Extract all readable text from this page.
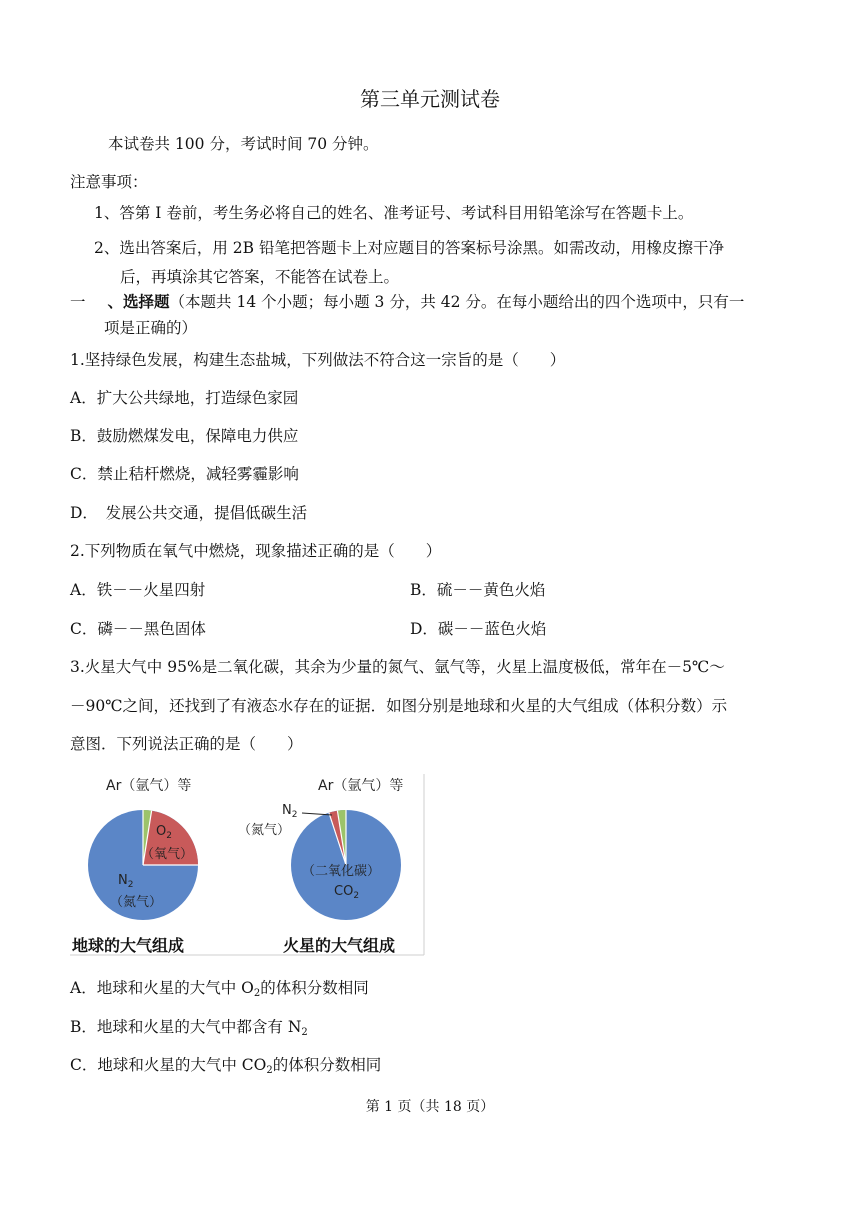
第三单元测试卷
本试卷共 100 分，考试时间 70 分钟。
注意事项：
1、答第 I 卷前，考生务必将自己的姓名、准考证号、考试科目用铅笔涂写在答题卡上。
2、选出答案后，用 2B 铅笔把答题卡上对应题目的答案标号涂黑。如需改动，用橡皮擦干净
后，再填涂其它答案，不能答在试卷上。
一 、选择题（本题共 14 个小题；每小题 3 分，共 42 分。在每小题给出的四个选项中，只有一
项是正确的）
1.坚持绿色发展，构建生态盐城，下列做法不符合这一宗旨的是（　　）
A．扩大公共绿地，打造绿色家园
B．鼓励燃煤发电，保障电力供应
C．禁止秸杆燃烧，减轻雾霾影响
D．　发展公共交通，提倡低碳生活
2.下列物质在氧气中燃烧，现象描述正确的是（　　）
A．铁－－火星四射	B．硫－－黄色火焰
C．磷－－黑色固体	D．碳－－蓝色火焰
3.火星大气中 95%是二氧化碳，其余为少量的氮气、氩气等，火星上温度极低，常年在－5℃～
－90℃之间，还找到了有液态水存在的证据．如图分别是地球和火星的大气组成（体积分数）示
意图．下列说法正确的是（　　）
Ar（氩气）等
$O_2$
（氧气）
$N_2$
（氮气）
地球的大气组成
Ar（氩气）等
$N_2$
（氮气）
（二氧化碳）
$CO_2$
火星的大气组成
A．地球和火星的大气中 $O_2$的体积分数相同
B．地球和火星的大气中都含有 $N_2$
C．地球和火星的大气中 $CO_2$的体积分数相同
第 1 页（共 18 页）
